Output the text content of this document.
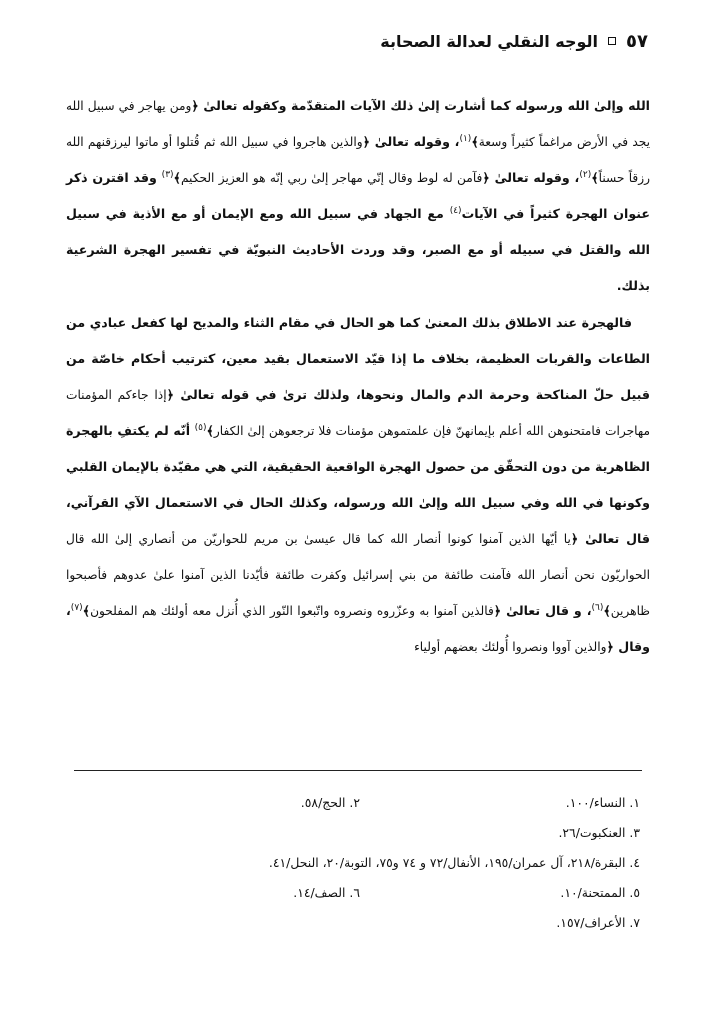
٥٧
الوجه النقلي لعدالة الصحابة

الله وإلىٰ الله ورسوله كما أشارت إلىٰ ذلك الآيات المتقدّمة وكقوله تعالىٰ ﴿ومن يهاجر في سبيل الله يجد في الأرض مراغماً كثيراً وسعة﴾$^{(١)}$، وقوله تعالىٰ ﴿والذين هاجروا في سبيل الله ثم قُتلوا أو ماتوا ليرزقنهم الله رزقاً حسناً﴾$^{(٢)}$، وقوله تعالىٰ ﴿فآمن له لوط وقال إنّي مهاجر إلىٰ ربي إنّه هو العزيز الحكيم﴾$^{(٣)}$ وقد اقترن ذكر عنوان الهجرة كثيراً في الآيات$^{(٤)}$ مع الجهاد في سبيل الله ومع الإيمان أو مع الأذية في سبيل الله والقتل في سبيله أو مع الصبر، وقد وردت الأحاديث النبويّة في تفسير الهجرة الشرعية بذلك.

فالهجرة عند الاطلاق بذلك المعنىٰ كما هو الحال في مقام الثناء والمديح لها كفعل عبادي من الطاعات والقربات العظيمة، بخلاف ما إذا قيّد الاستعمال بقيد معين، كترتيب أحكام خاصّة من قبيل حلّ المناكحة وحرمة الدم والمال ونحوها، ولذلك ترىٰ في قوله تعالىٰ ﴿إذا جاءكم المؤمنات مهاجرات فامتحنوهن الله أعلم بإيمانهنّ فإن علمتموهن مؤمنات فلا ترجعوهن إلىٰ الكفار﴾$^{(٥)}$ أنّه لم يكتفِ بالهجرة الظاهرية من دون التحقّق من حصول الهجرة الواقعية الحقيقية، التي هي مقيّدة بالإيمان القلبي وكونها في الله وفي سبيل الله وإلىٰ الله ورسوله، وكذلك الحال في الاستعمال الآي القرآني، قال تعالىٰ ﴿يا أيّها الذين آمنوا كونوا أنصار الله كما قال عيسىٰ بن مريم للحواريّن من أنصاري إلىٰ الله قال الحواريّون نحن أنصار الله فآمنت طائفة من بني إسرائيل وكفرت طائفة فأيّدنا الذين آمنوا علىٰ عدوهم فأصبحوا ظاهرين﴾$^{(٦)}$، و قال تعالىٰ ﴿فالذين آمنوا به وعزّروه ونصروه واتّبعوا النّور الذي أُنزل معه أولئك هم المفلحون﴾$^{(٧)}$، وقال ﴿والذين آووا ونصروا أُولئك بعضهم أولياء

١. النساء/١٠٠.
٢. الحج/٥٨.
٣. العنكبوت/٢٦.
٤. البقرة/٢١٨، آل عمران/١٩٥، الأنفال/٧٢ و ٧٤ و٧٥، التوبة/٢٠، النحل/٤١.
٥. الممتحنة/١٠.
٦. الصف/١٤.
٧. الأعراف/١٥٧.
